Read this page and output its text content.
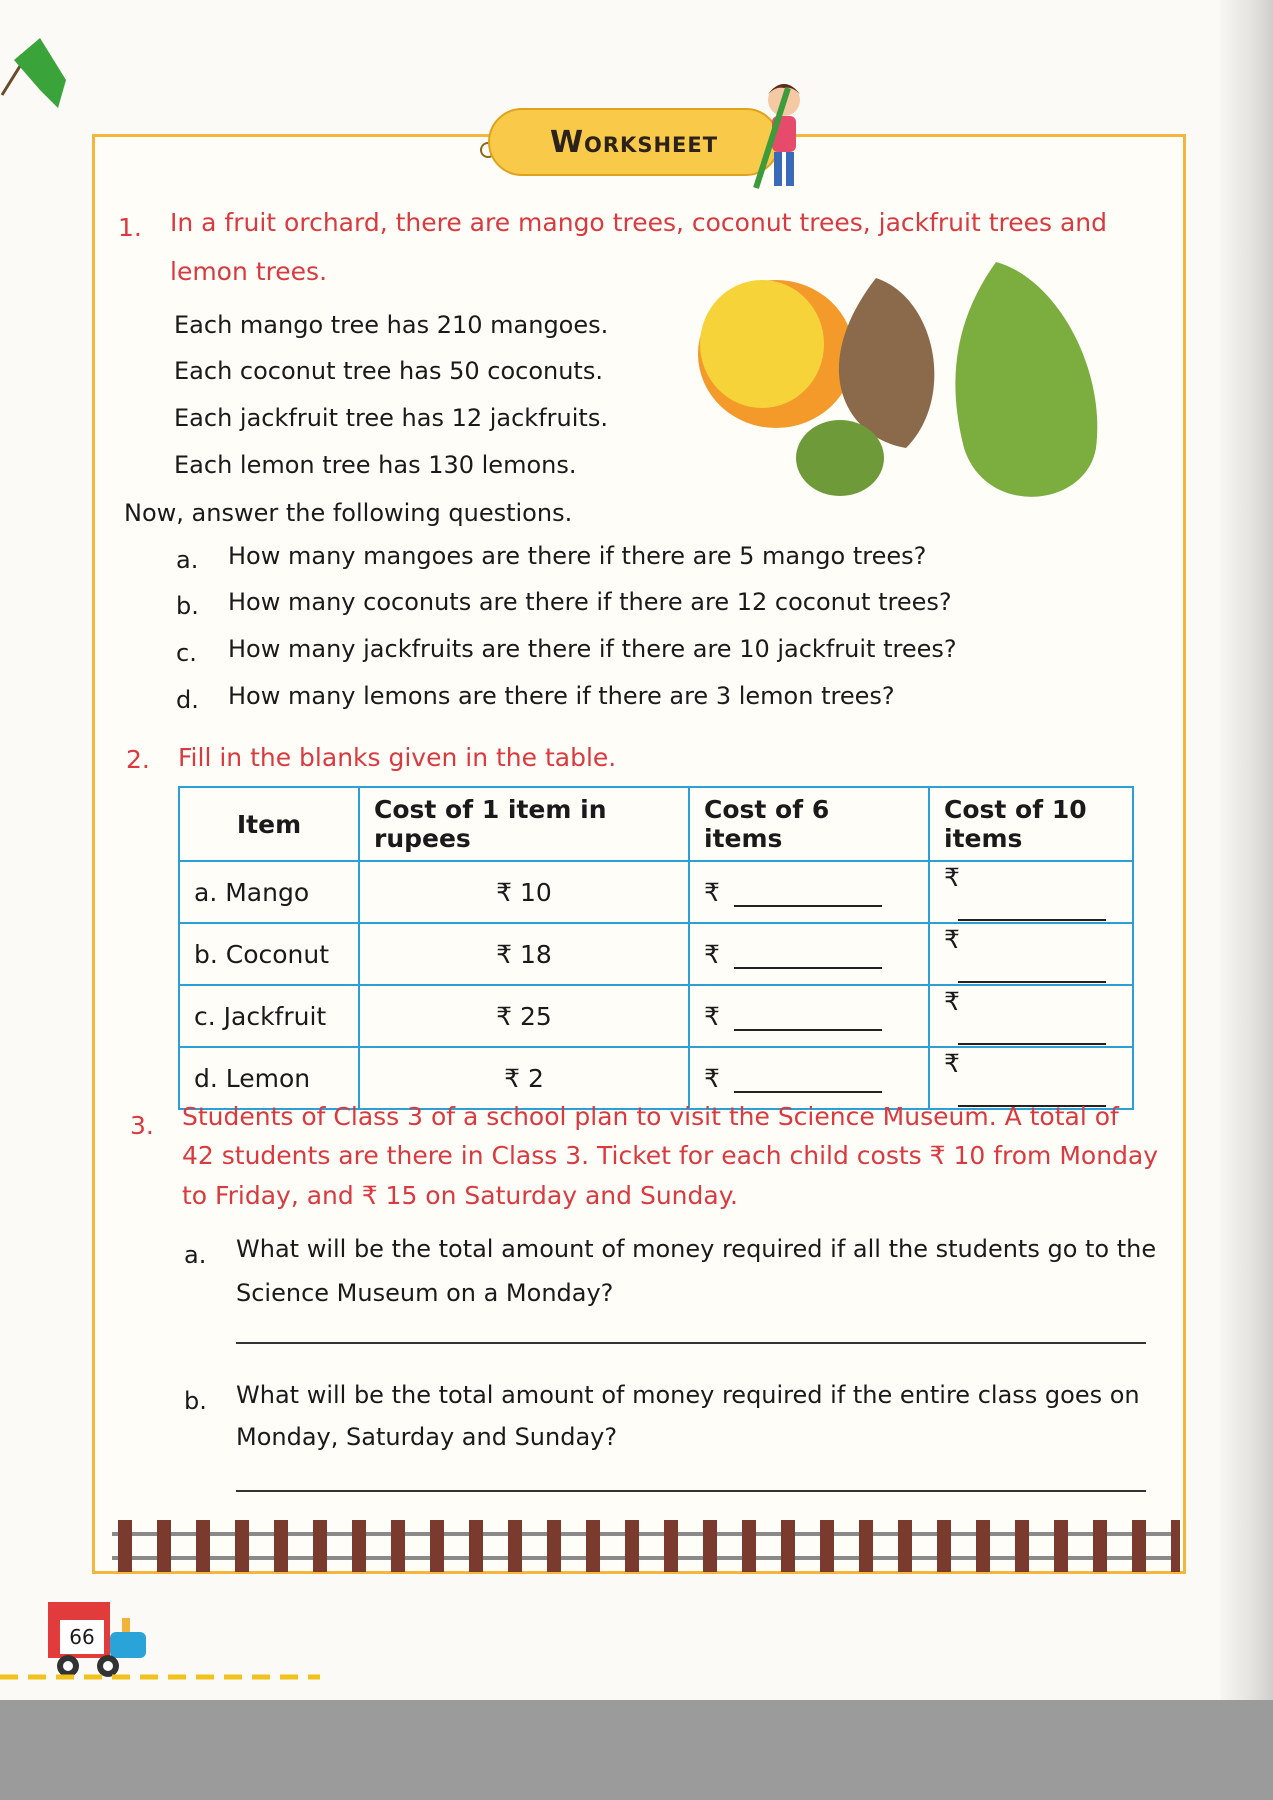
Worksheet
1. In a fruit orchard, there are mango trees, coconut trees, jackfruit trees and
lemon trees.
Each mango tree has 210 mangoes.
Each coconut tree has 50 coconuts.
Each jackfruit tree has 12 jackfruits.
Each lemon tree has 130 lemons.
Now, answer the following questions.
a. How many mangoes are there if there are 5 mango trees?
b. How many coconuts are there if there are 12 coconut trees?
c. How many jackfruits are there if there are 10 jackfruit trees?
d. How many lemons are there if there are 3 lemon trees?
2. Fill in the blanks given in the table.
Item	Cost of 1 item in rupees	Cost of 6 items	Cost of 10 items
a. Mango	₹ 10	₹	₹
b. Coconut	₹ 18	₹	₹
c. Jackfruit	₹ 25	₹	₹
d. Lemon	₹ 2	₹	₹
3. Students of Class 3 of a school plan to visit the Science Museum. A total of
42 students are there in Class 3. Ticket for each child costs ₹ 10 from Monday
to Friday, and ₹ 15 on Saturday and Sunday.
a. What will be the total amount of money required if all the students go to the
Science Museum on a Monday?
b. What will be the total amount of money required if the entire class goes on
Monday, Saturday and Sunday?
66
